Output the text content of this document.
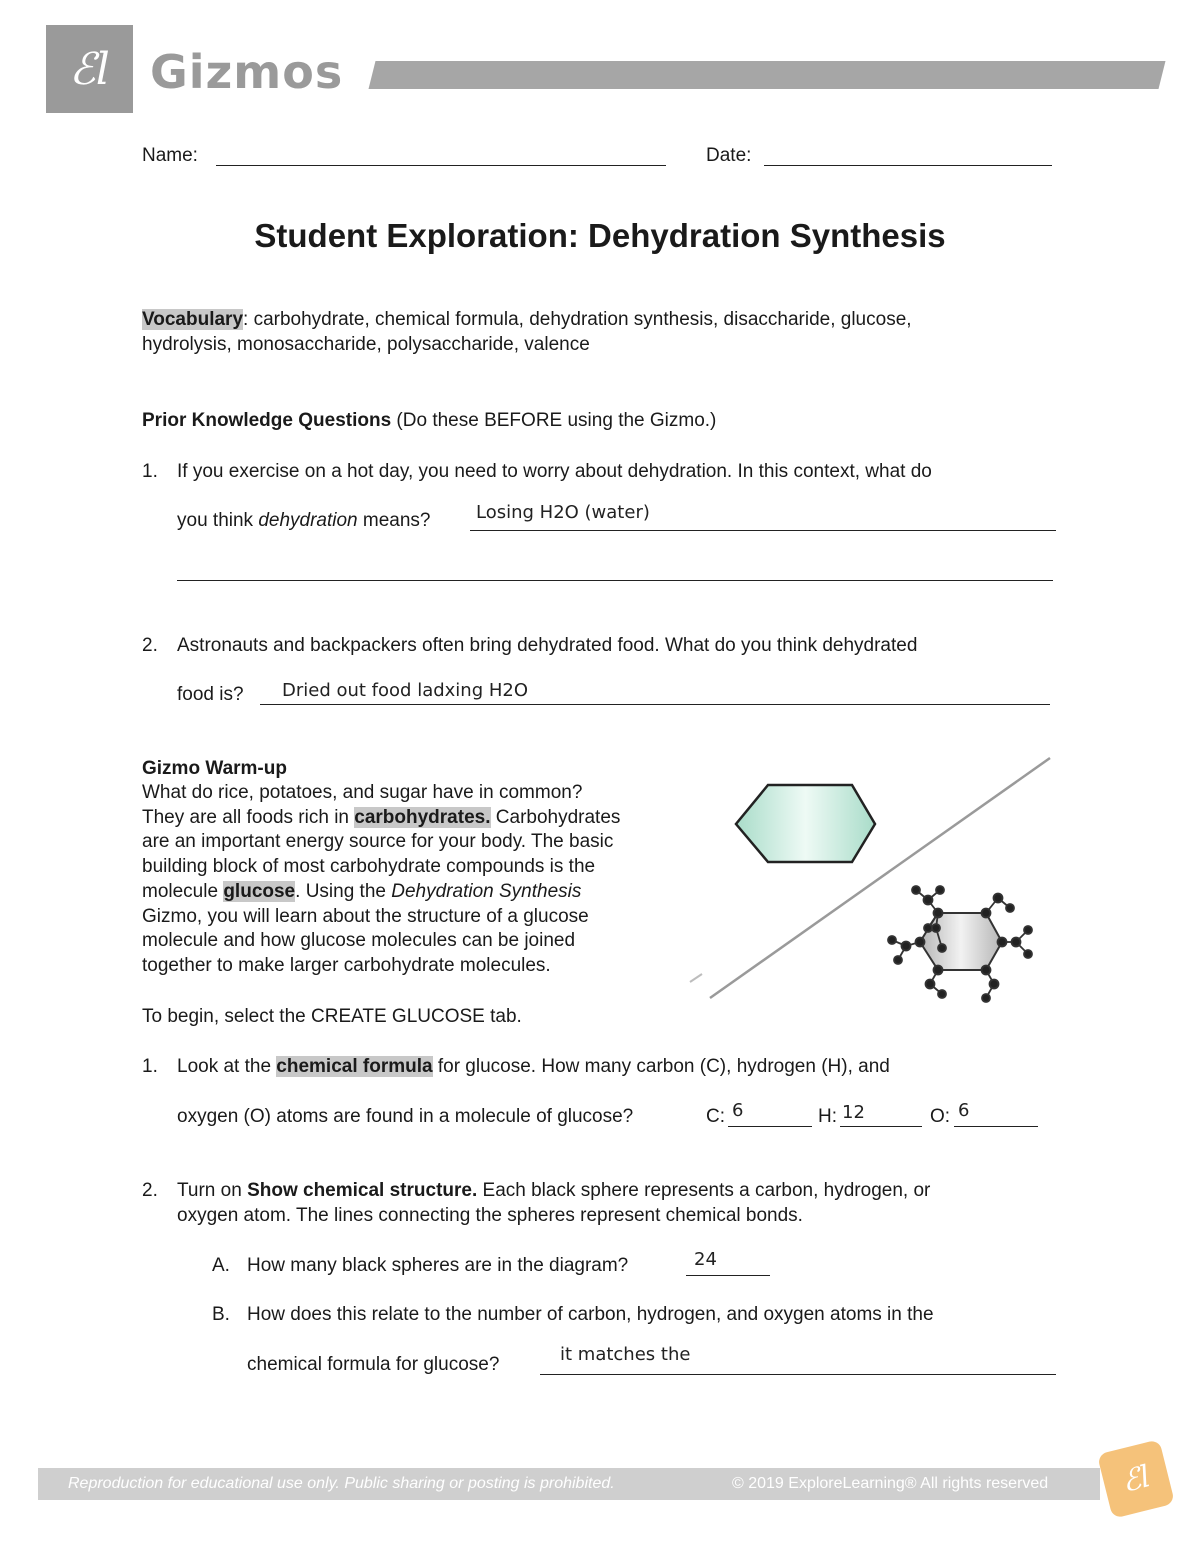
ℰl Gizmos
Name:	Date:
Student Exploration: Dehydration Synthesis
Vocabulary: carbohydrate, chemical formula, dehydration synthesis, disaccharide, glucose,
hydrolysis, monosaccharide, polysaccharide, valence
Prior Knowledge Questions (Do these BEFORE using the Gizmo.)
1. If you exercise on a hot day, you need to worry about dehydration. In this context, what do
you think dehydration means?	Losing H2O (water)
2. Astronauts and backpackers often bring dehydrated food. What do you think dehydrated
food is? Dried out food ladxing H2O
Gizmo Warm-up
What do rice, potatoes, and sugar have in common?
They are all foods rich in carbohydrates. Carbohydrates
are an important energy source for your body. The basic
building block of most carbohydrate compounds is the
molecule glucose. Using the Dehydration Synthesis
Gizmo, you will learn about the structure of a glucose
molecule and how glucose molecules can be joined
together to make larger carbohydrate molecules.
To begin, select the CREATE GLUCOSE tab.
1. Look at the chemical formula for glucose. How many carbon (C), hydrogen (H), and
oxygen (O) atoms are found in a molecule of glucose?	C: 6	H: 12	O: 6
2. Turn on Show chemical structure. Each black sphere represents a carbon, hydrogen, or
oxygen atom. The lines connecting the spheres represent chemical bonds.
A. How many black spheres are in the diagram?	24
B. How does this relate to the number of carbon, hydrogen, and oxygen atoms in the
chemical formula for glucose?	it matches the
Reproduction for educational use only. Public sharing or posting is prohibited.	© 2019 ExploreLearning® All rights reserved	ℰl
